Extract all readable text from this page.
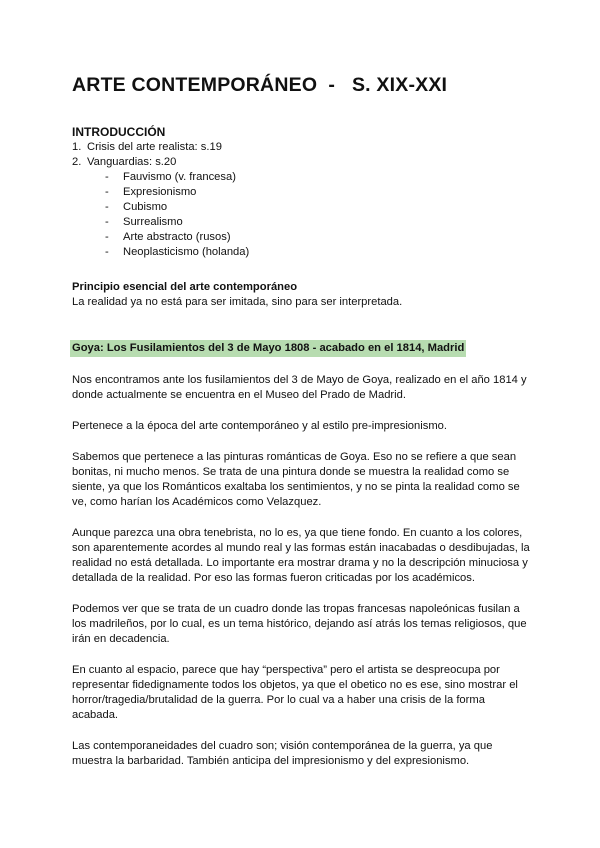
ARTE CONTEMPORÁNEO  -   S. XIX-XXI
INTRODUCCIÓN
1. Crisis del arte realista: s.19
2. Vanguardias: s.20
- Fauvismo (v. francesa)
- Expresionismo
- Cubismo
- Surrealismo
- Arte abstracto (rusos)
- Neoplasticismo (holanda)
Principio esencial del arte contemporáneo
La realidad ya no está para ser imitada, sino para ser interpretada.
Goya: Los Fusilamientos del 3 de Mayo 1808 - acabado en el 1814, Madrid

Nos encontramos ante los fusilamientos del 3 de Mayo de Goya, realizado en el año 1814 y donde actualmente se encuentra en el Museo del Prado de Madrid.

Pertenece a la época del arte contemporáneo y al estilo pre-impresionismo.

Sabemos que pertenece a las pinturas románticas de Goya. Eso no se refiere a que sean bonitas, ni mucho menos. Se trata de una pintura donde se muestra la realidad como se siente, ya que los Románticos exaltaba los sentimientos, y no se pinta la realidad como se ve, como harían los Académicos como Velazquez.

Aunque parezca una obra tenebrista, no lo es, ya que tiene fondo. En cuanto a los colores, son aparentemente acordes al mundo real y las formas están inacabadas o desdibujadas, la realidad no está detallada. Lo importante era mostrar drama y no la descripción minuciosa y detallada de la realidad. Por eso las formas fueron criticadas por los académicos.

Podemos ver que se trata de un cuadro donde las tropas francesas napoleónicas fusilan a los madrileños, por lo cual, es un tema histórico, dejando así atrás los temas religiosos, que irán en decadencia.

En cuanto al espacio, parece que hay “perspectiva” pero el artista se despreocupa por representar fidedignamente todos los objetos, ya que el obetico no es ese, sino mostrar el horror/tragedia/brutalidad de la guerra. Por lo cual va a haber una crisis de la forma acabada.

Las contemporaneidades del cuadro son; visión contemporánea de la guerra, ya que muestra la barbaridad. También anticipa del impresionismo y del expresionismo.
